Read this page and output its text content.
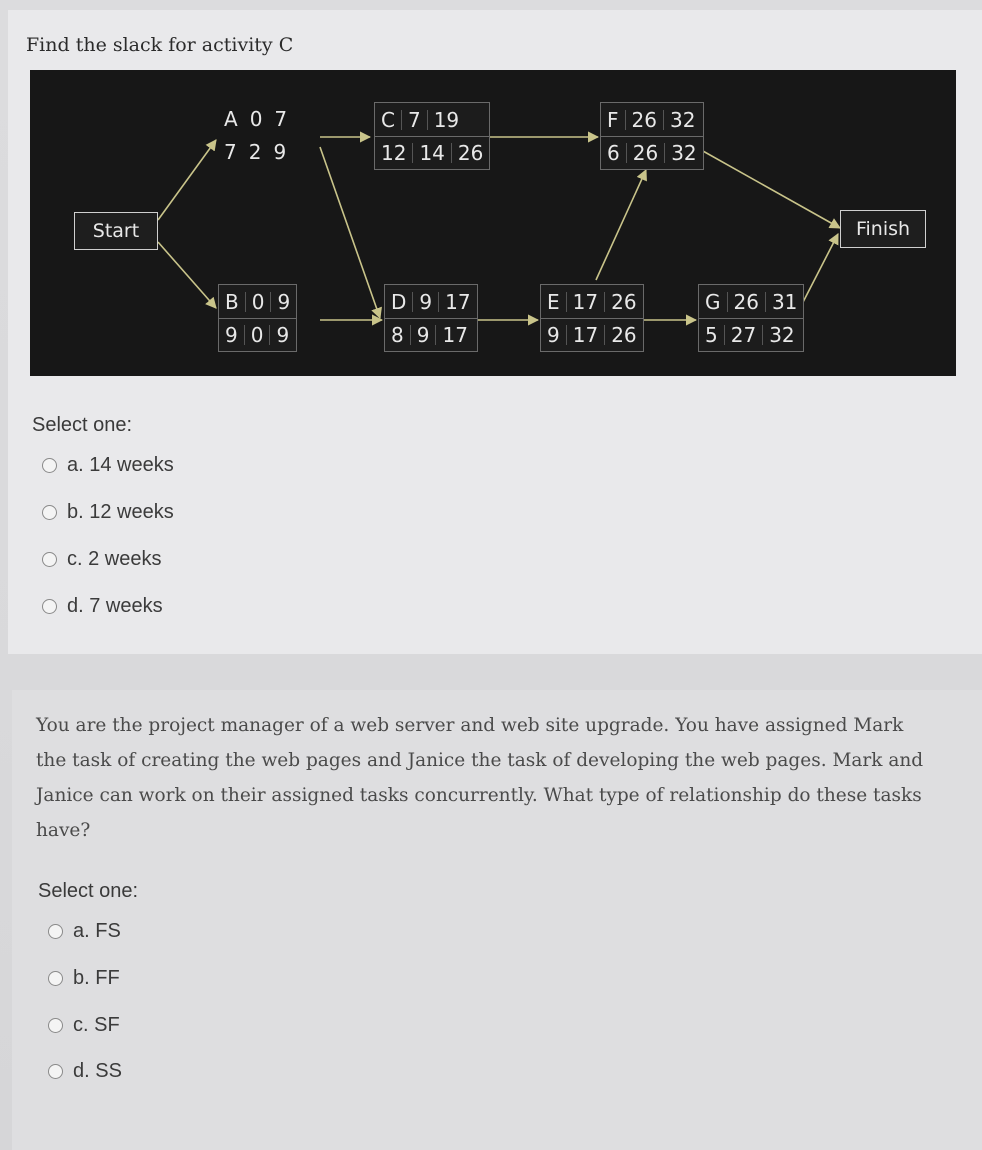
Find the slack for activity C
Start	Finish
A 0 7
7 2 9
C 7 19
12 14 26
F 26 32
6 26 32
B 0 9
9 0 9
D 9 17
8 9 17
E 17 26
9 17 26
G 26 31
5 27 32
Select one:
a. 14 weeks
b. 12 weeks
c. 2 weeks
d. 7 weeks
You are the project manager of a web server and web site upgrade. You have assigned Mark the task of creating the web pages and Janice the task of developing the web pages. Mark and Janice can work on their assigned tasks concurrently. What type of relationship do these tasks have?
Select one:
a. FS
b. FF
c. SF
d. SS
